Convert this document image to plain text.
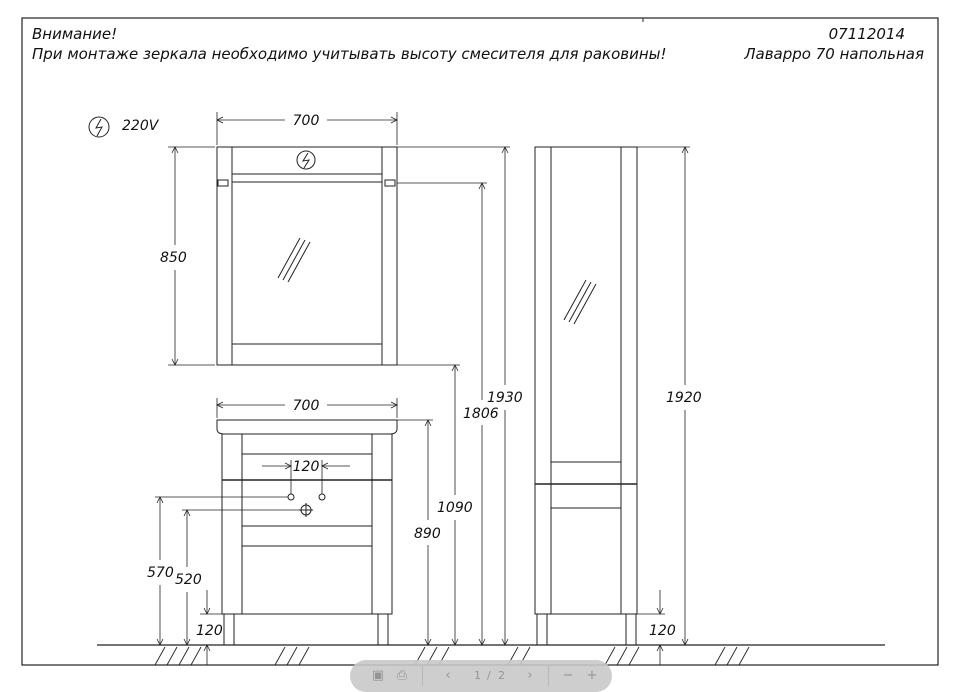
700
850
700
120
1930
1806
1090
890
570 520
120
1920
120
Внимание!
При монтаже зеркала необходимо учитывать высоту смесителя для раковины!
07112014
Лаварро 70 напольная
220V
▣ ⎙	‹	1 / 2	›	− +
